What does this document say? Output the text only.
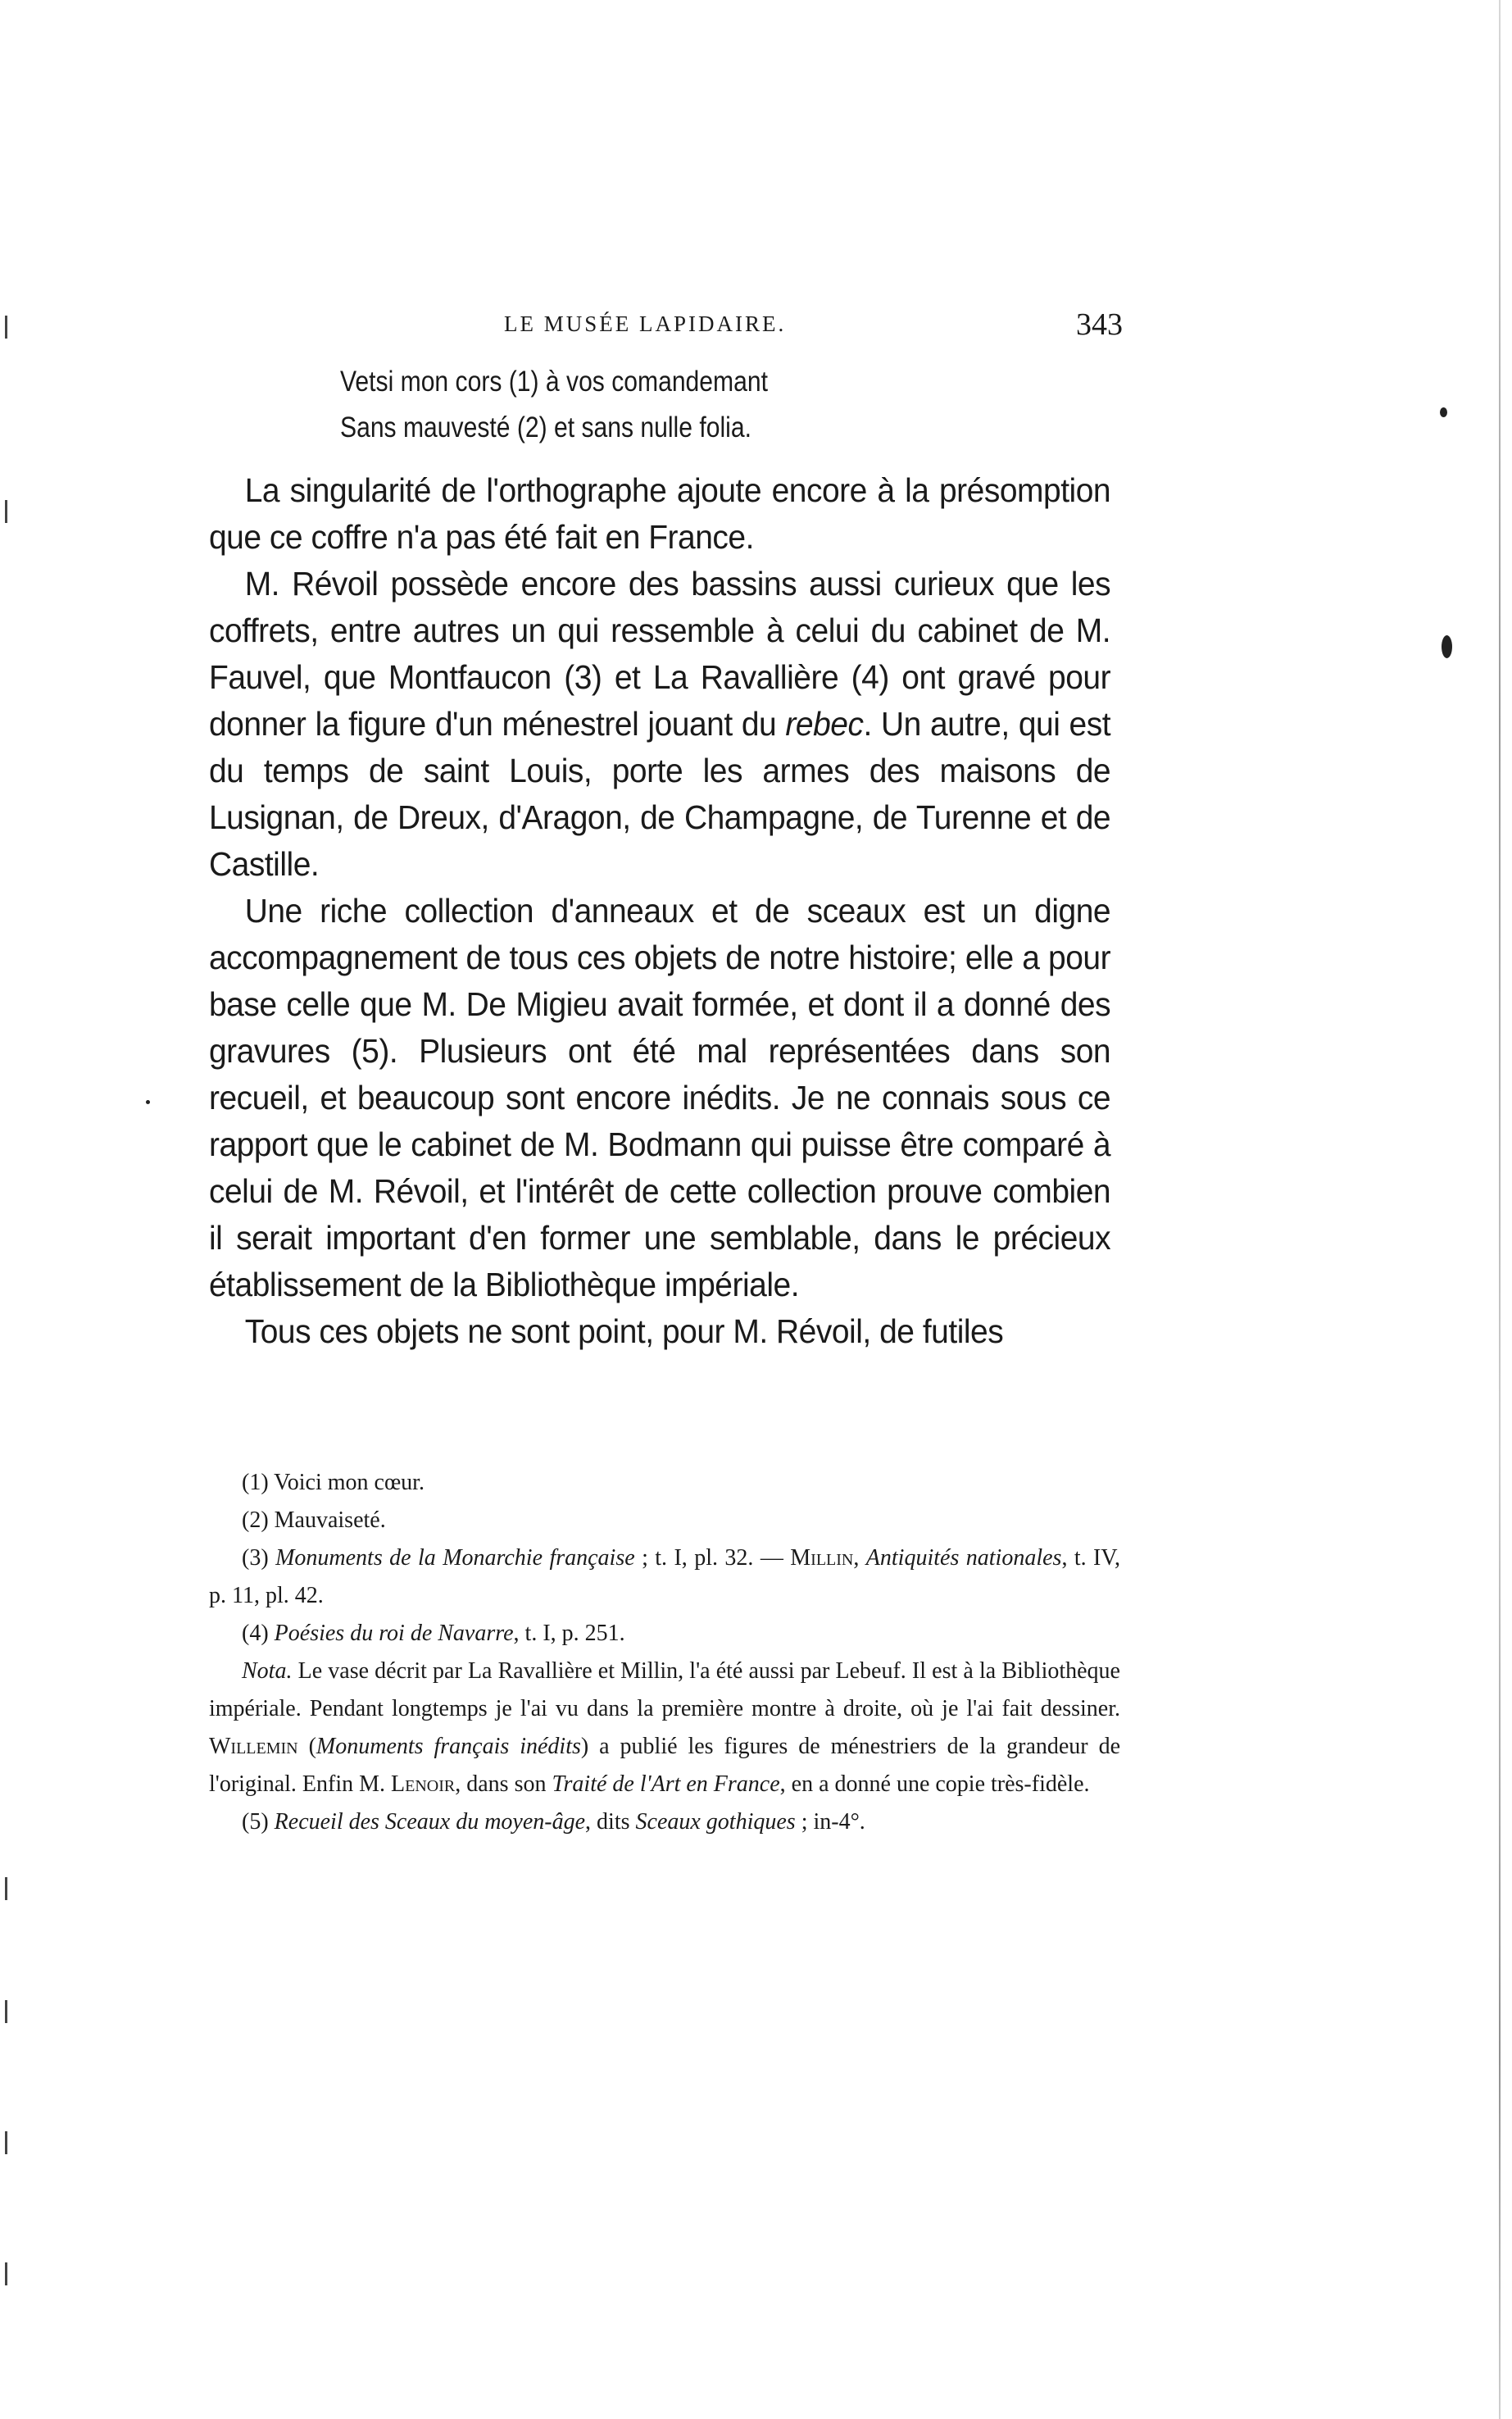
LE MUSÉE LAPIDAIRE.	343
Vetsi mon cors (1) à vos comandemant
Sans mauvesté (2) et sans nulle folia.

La singularité de l'orthographe ajoute encore à la présomption que ce coffre n'a pas été fait en France.

M. Révoil possède encore des bassins aussi curieux que les coffrets, entre autres un qui ressemble à celui du cabinet de M. Fauvel, que Montfaucon (3) et La Ravallière (4) ont gravé pour donner la figure d'un ménestrel jouant du rebec. Un autre, qui est du temps de saint Louis, porte les armes des maisons de Lusignan, de Dreux, d'Aragon, de Champagne, de Turenne et de Castille.

Une riche collection d'anneaux et de sceaux est un digne accompagnement de tous ces objets de notre histoire; elle a pour base celle que M. De Migieu avait formée, et dont il a donné des gravures (5). Plusieurs ont été mal représentées dans son recueil, et beaucoup sont encore inédits. Je ne connais sous ce rapport que le cabinet de M. Bodmann qui puisse être comparé à celui de M. Révoil, et l'intérêt de cette collection prouve combien il serait important d'en former une semblable, dans le précieux établissement de la Bibliothèque impériale.

Tous ces objets ne sont point, pour M. Révoil, de futiles

(1) Voici mon cœur.

(2) Mauvaiseté.

(3) Monuments de la Monarchie française ; t. I, pl. 32. — Millin, Antiquités nationales, t. IV, p. 11, pl. 42.

(4) Poésies du roi de Navarre, t. I, p. 251.

Nota. Le vase décrit par La Ravallière et Millin, l'a été aussi par Lebeuf. Il est à la Bibliothèque impériale. Pendant longtemps je l'ai vu dans la première montre à droite, où je l'ai fait dessiner. Willemin (Monuments français inédits) a publié les figures de ménestriers de la grandeur de l'original. Enfin M. Lenoir, dans son Traité de l'Art en France, en a donné une copie très-fidèle.

(5) Recueil des Sceaux du moyen-âge, dits Sceaux gothiques ; in-4°.
